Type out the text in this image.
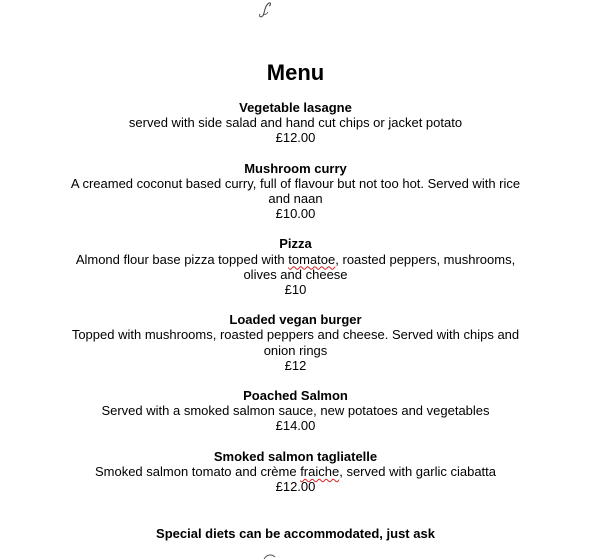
Menu
Vegetable lasagne
served with side salad and hand cut chips or jacket potato
£12.00
Mushroom curry
A creamed coconut based curry, full of flavour but not too hot. Served with rice and naan
£10.00
Pizza
Almond flour base pizza topped with tomatoe, roasted peppers, mushrooms, olives and cheese
£10
Loaded vegan burger
Topped with mushrooms, roasted peppers and cheese. Served with chips and onion rings
£12
Poached Salmon
Served with a smoked salmon sauce, new potatoes and vegetables
£14.00
Smoked salmon tagliatelle
Smoked salmon tomato and crème fraiche, served with garlic ciabatta
£12.00
Special diets can be accommodated, just ask
